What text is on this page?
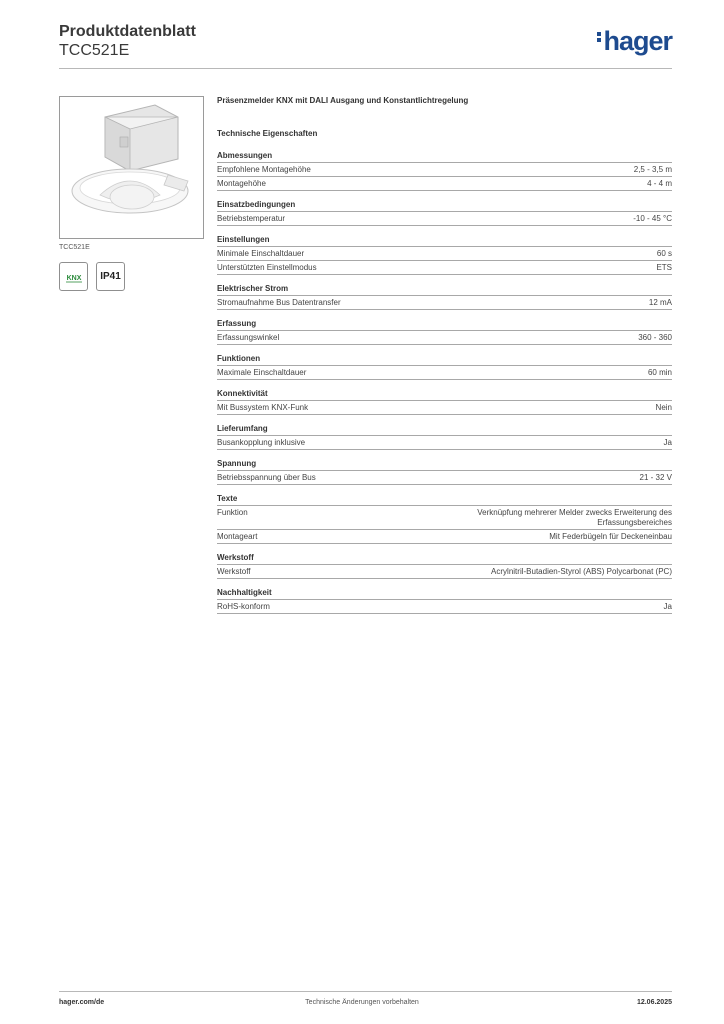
Produktdatenblatt
TCC521E	hager
TCC521E
KNX	IP41
Präsenzmelder KNX mit DALI Ausgang und Konstantlichtregelung
Technische Eigenschaften
Abmessungen
Empfohlene Montagehöhe	2,5 - 3,5 m
Montagehöhe	4 - 4 m
Einsatzbedingungen
Betriebstemperatur	-10 - 45 °C
Einstellungen
Minimale Einschaltdauer	60 s
Unterstützten Einstellmodus	ETS
Elektrischer Strom
Stromaufnahme Bus Datentransfer	12 mA
Erfassung
Erfassungswinkel	360 - 360
Funktionen
Maximale Einschaltdauer	60 min
Konnektivität
Mit Bussystem KNX-Funk	Nein
Lieferumfang
Busankopplung inklusive	Ja
Spannung
Betriebsspannung über Bus	21 - 32 V
Texte
Funktion	Verknüpfung mehrerer Melder zwecks Erweiterung des Erfassungsbereiches
Montageart	Mit Federbügeln für Deckeneinbau
Werkstoff
Werkstoff	Acrylnitril-Butadien-Styrol (ABS) Polycarbonat (PC)
Nachhaltigkeit
RoHS-konform	Ja
hager.com/de	Technische Änderungen vorbehalten	12.06.2025
